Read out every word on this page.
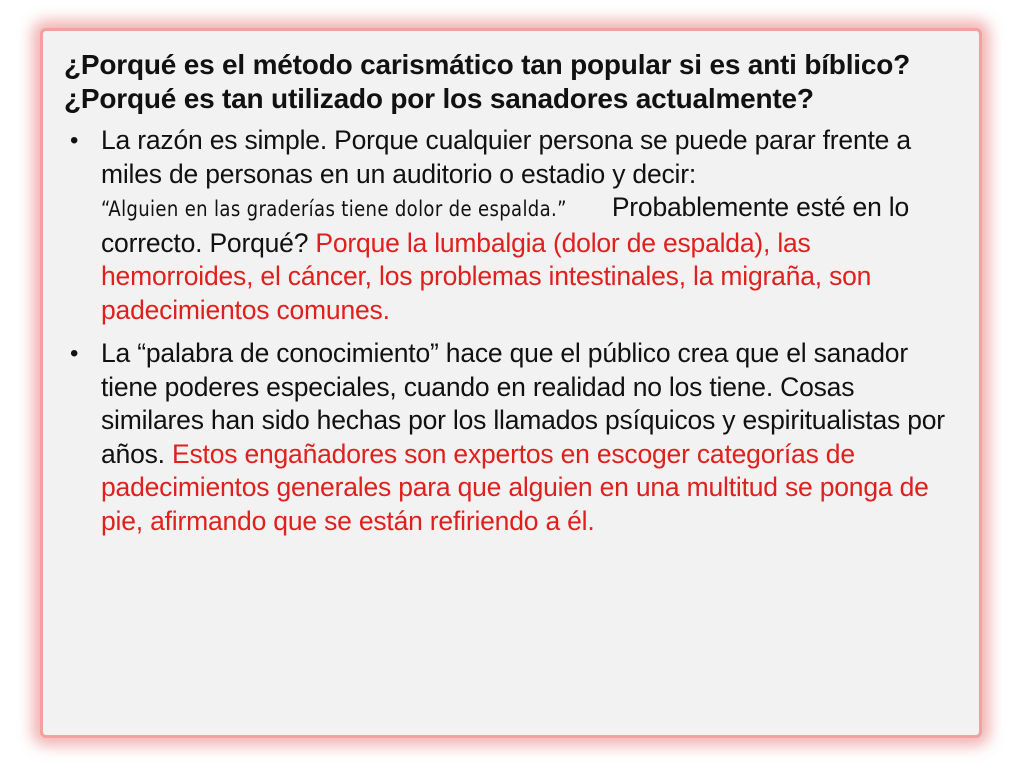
¿Porqué es el método carismático tan popular si es anti bíblico? ¿Porqué es tan utilizado por los sanadores actualmente?
• La razón es simple. Porque cualquier persona se puede parar frente a miles de personas en un auditorio o estadio y decir: “Alguien en las graderías tiene dolor de espalda.” Probablemente esté en lo correcto. Porqué? Porque la lumbalgia (dolor de espalda), las hemorroides, el cáncer, los problemas intestinales, la migraña, son padecimientos comunes.
• La “palabra de conocimiento” hace que el público crea que el sanador tiene poderes especiales, cuando en realidad no los tiene. Cosas similares han sido hechas por los llamados psíquicos y espiritualistas por años. Estos engañadores son expertos en escoger categorías de padecimientos generales para que alguien en una multitud se ponga de pie, afirmando que se están refiriendo a él.
